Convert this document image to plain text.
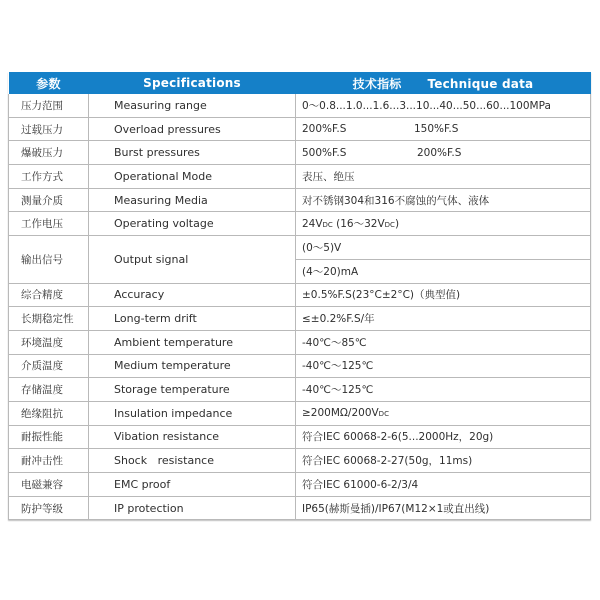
参数	Specifications	技术指标 Technique data
压力范围	Measuring range	0～0.8...1.0...1.6...3...10...40...50...60...100MPa
过载压力	Overload pressures	200%F.S 150%F.S
爆破压力	Burst pressures	500%F.S 200%F.S
工作方式	Operational Mode	表压、绝压
测量介质	Measuring Media	对不锈钢304和316不腐蚀的气体、液体
工作电压	Operating voltage	24Vdc (16～32Vdc)
输出信号	Output signal	(0～5)V
		(4～20)mA
综合精度	Accuracy	±0.5%F.S(23°C±2°C)（典型值)
长期稳定性	Long-term drift	≤±0.2%F.S/年
环境温度	Ambient temperature	-40℃～85℃
介质温度	Medium temperature	-40℃～125℃
存储温度	Storage temperature	-40℃～125℃
绝缘阻抗	Insulation impedance	≥200MΩ/200Vdc
耐振性能	Vibation resistance	符合IEC 60068-2-6(5...2000Hz，20g)
耐冲击性	Shock   resistance	符合IEC 60068-2-27(50g，11ms)
电磁兼容	EMC proof	符合IEC 61000-6-2/3/4
防护等级	IP protection	IP65(赫斯曼插)/IP67(M12×1或直出线)
